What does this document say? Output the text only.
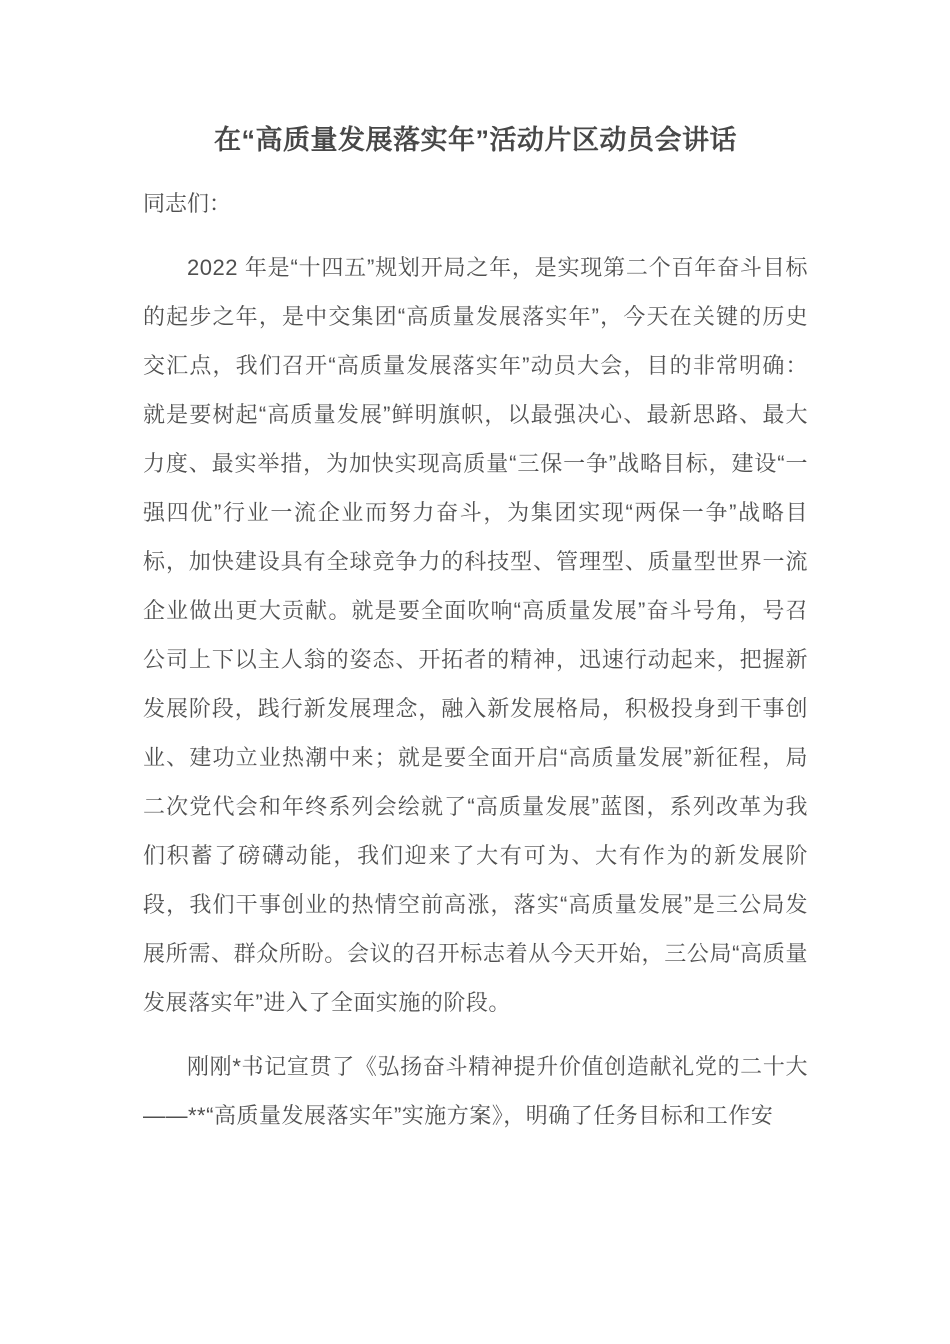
在“高质量发展落实年”活动片区动员会讲话

同志们：

2022 年是“十四五”规划开局之年，是实现第二个百年奋斗目标的起步之年，是中交集团“高质量发展落实年”，今天在关键的历史交汇点，我们召开“高质量发展落实年”动员大会，目的非常明确：就是要树起“高质量发展”鲜明旗帜，以最强决心、最新思路、最大力度、最实举措，为加快实现高质量“三保一争”战略目标，建设“一强四优”行业一流企业而努力奋斗，为集团实现“两保一争”战略目标，加快建设具有全球竞争力的科技型、管理型、质量型世界一流企业做出更大贡献。就是要全面吹响“高质量发展”奋斗号角，号召公司上下以主人翁的姿态、开拓者的精神，迅速行动起来，把握新发展阶段，践行新发展理念，融入新发展格局，积极投身到干事创业、建功立业热潮中来；就是要全面开启“高质量发展”新征程，局二次党代会和年终系列会绘就了“高质量发展”蓝图，系列改革为我们积蓄了磅礴动能，我们迎来了大有可为、大有作为的新发展阶段，我们干事创业的热情空前高涨，落实“高质量发展”是三公局发展所需、群众所盼。会议的召开标志着从今天开始，三公局“高质量发展落实年”进入了全面实施的阶段。

刚刚*书记宣贯了《弘扬奋斗精神提升价值创造献礼党的二十大——**“高质量发展落实年”实施方案》，明确了任务目标和工作安
